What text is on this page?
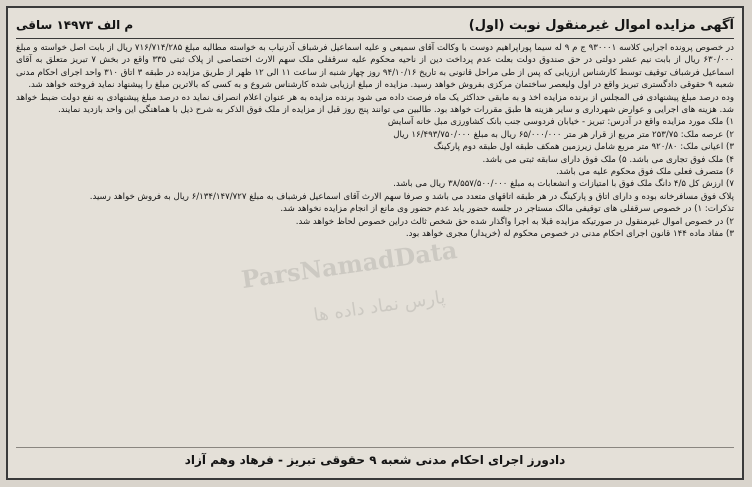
آگهی مزایده اموال غیرمنقول نوبت (اول)
م الف ۱۴۹۷۳ ساقی

در خصوص پرونده اجرایی کلاسه ۹۳۰۰۰۱ ج م ۹ له سیما پوراپراهیم دوست با وکالت آقای سمیعی و علیه اسماعیل فرشباف آذرنیاب به خواسته مطالبه مبلغ ۷۱۶/۷۱۴/۲۸۵ ریال از بابت اصل خواسته و مبلغ ۶۳۰/۰۰۰ ریال از بابت نیم عشر دولتی در حق صندوق دولت بعلت عدم پرداخت دین از ناحیه محکوم علیه سرقفلی ملک سهم الارث اختصاصی از پلاک ثبتی ۳۳۵ واقع در بخش ۷ تبریز متعلق به آقای اسماعیل فرشباف توقیف توسط کارشناس ارزیابی که پس از طی مراحل قانونی به تاریخ ۹۴/۱۰/۱۶ روز چهار شنبه از ساعت ۱۱ الی ۱۲ ظهر از طریق مزایده در طبقه ۳ اتاق ۳۱۰ واحد اجرای احکام مدنی شعبه ۹ حقوقی دادگستری تبریز واقع در اول ولیعصر ساختمان مرکزی بفروش خواهد رسید. مزایده از مبلغ ارزیابی شده کارشناس شروع و به کسی که بالاترین مبلغ را پیشنهاد نماید فروخته خواهد شد.

وده درصد مبلغ پیشنهادی فی المجلس از برنده مزایده اخذ و به مابقی حداکثر یک ماه فرصت داده می شود برنده مزایده به هر عنوان اعلام انصراف نماید ده درصد مبلغ پیشنهادی به نفع دولت ضبط خواهد شد. هزینه های اجرایی و عوارض شهرداری و سایر هزینه ها طبق مقررات خواهد بود. طالبین می توانند پنج روز قبل از مزایده از ملک فوق الذکر به شرح ذیل با هماهنگی این واحد بازدید نمایند.

۱) ملک مورد مزایده واقع در آدرس: تبریز - خیابان فردوسی جنب بانک کشاورزی مبل خانه آسایش

۲) عرصه ملک: ۲۵۳/۷۵ متر مربع از قرار هر متر ۶۵/۰۰۰/۰۰۰ ریال به مبلغ ۱۶/۴۹۳/۷۵۰/۰۰۰ ریال

۳) اعیانی ملک: ۹۲۰/۸۰ متر مربع شامل زیرزمین همکف طبقه اول طبقه دوم پارکینگ

۴) ملک فوق تجاری می باشد. ۵) ملک فوق دارای سابقه ثبتی می باشد.

۶) متصرف فعلی ملک فوق محکوم علیه می باشد.

۷) ارزش کل ۴/۵ دانگ ملک فوق با امتیازات و انشعابات به مبلغ ۳۸/۵۵۷/۵۰۰/۰۰۰ ریال می باشد.

پلاک فوق مسافرخانه بوده و دارای اتاق و پارکینگ در هر طبقه اتاقهای متعدد می باشد و صرفا سهم الارث آقای اسماعیل فرشباف به مبلغ ۶/۱۳۴/۱۴۷/۷۲۷ ریال به فروش خواهد رسید.

تذکرات: ۱) در خصوص سرقفلی های توقیفی مالک مستاجر در جلسه حضور یابد عدم حضور وی مانع از انجام مزایده نخواهد شد.

۲) در خصوص اموال غیرمنقول در صورتیکه مزایده قبلا به اجرا واگذار شده حق شخص ثالث دراین خصوص لحاظ خواهد شد.

۳) مفاد ماده ۱۴۴ قانون اجرای احکام مدنی در خصوص محکوم له (خریدار) مجری خواهد بود.

دادورز اجرای احکام مدنی شعبه ۹ حقوقی تبریز - فرهاد وهم آزاد
